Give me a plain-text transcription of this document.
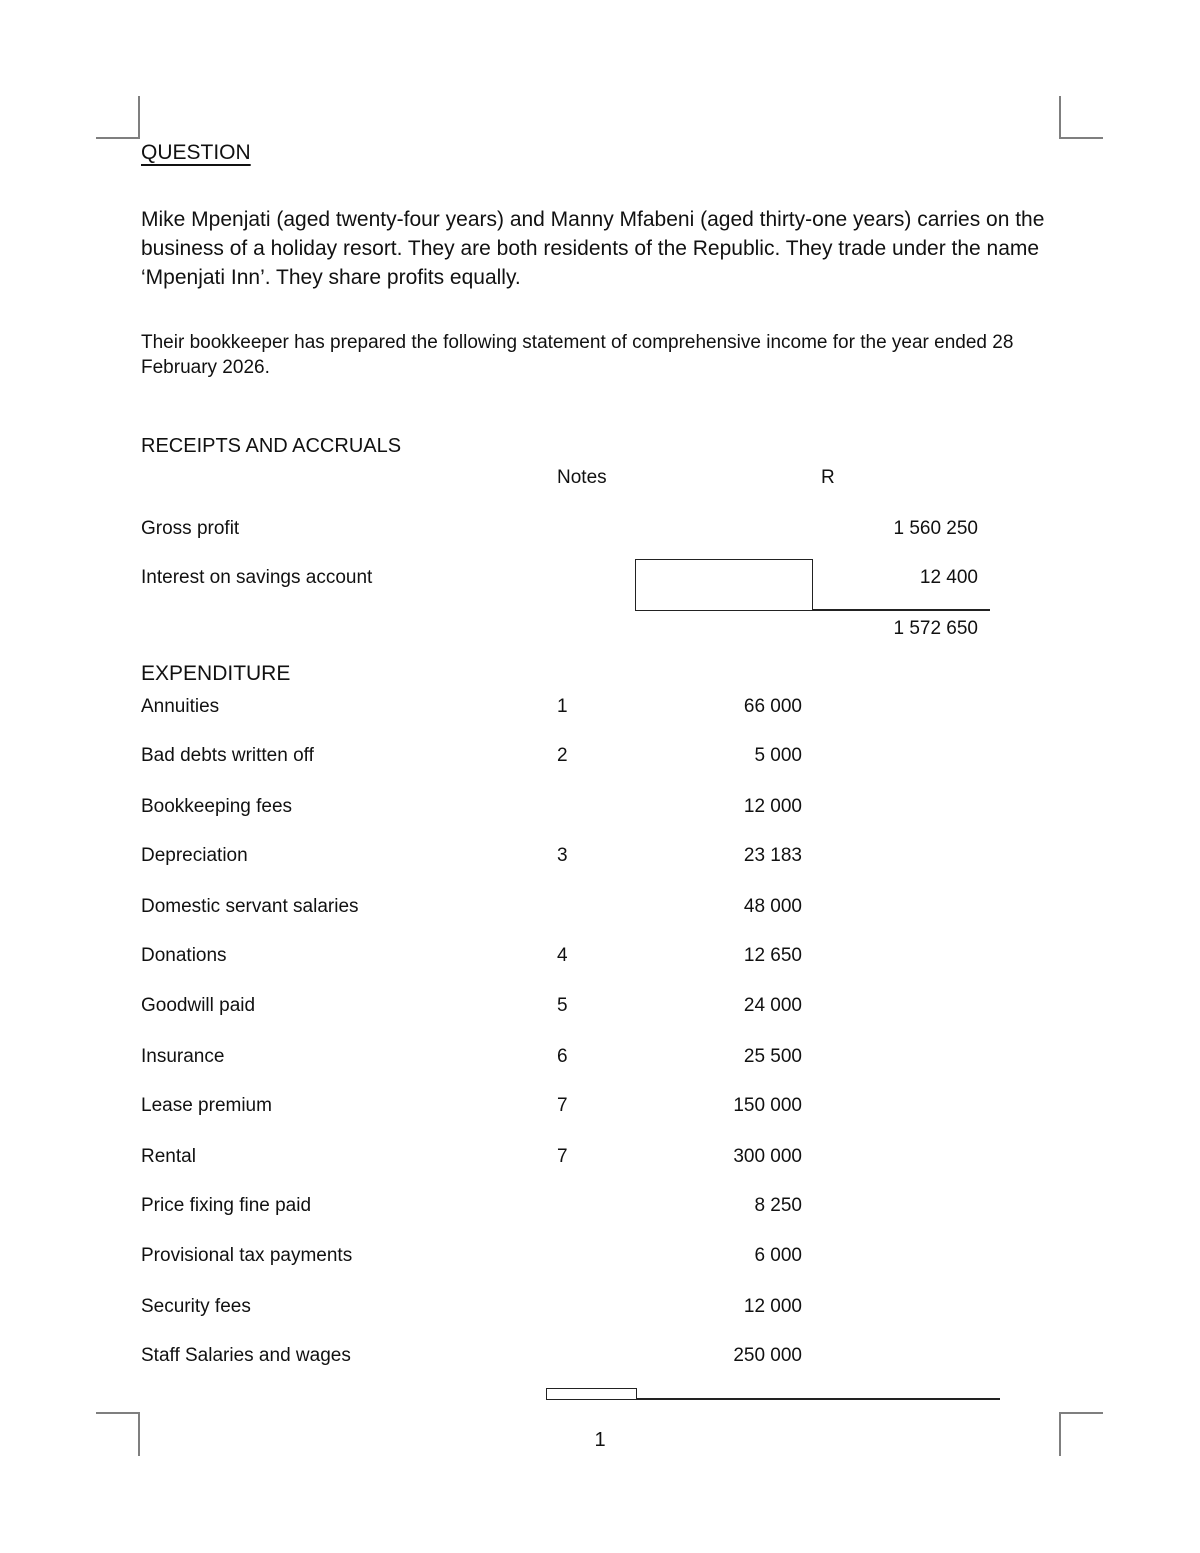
QUESTION
Mike Mpenjati (aged twenty-four years) and Manny Mfabeni (aged thirty-one years) carries on the business of a holiday resort. They are both residents of the Republic. They trade under the name ‘Mpenjati Inn’. They share profits equally.
Their bookkeeper has prepared the following statement of comprehensive income for the year ended 28 February 2026.
RECEIPTS AND ACCRUALS
Notes	R
Gross profit	1 560 250
Interest on savings account	12 400
1 572 650
EXPENDITURE
Annuities	1	66 000
Bad debts written off	2	5 000
Bookkeeping fees	12 000
Depreciation	3	23 183
Domestic servant salaries	48 000
Donations	4	12 650
Goodwill paid	5	24 000
Insurance	6	25 500
Lease premium	7	150 000
Rental	7	300 000
Price fixing fine paid	8 250
Provisional tax payments	6 000
Security fees	12 000
Staff Salaries and wages	250 000
1
